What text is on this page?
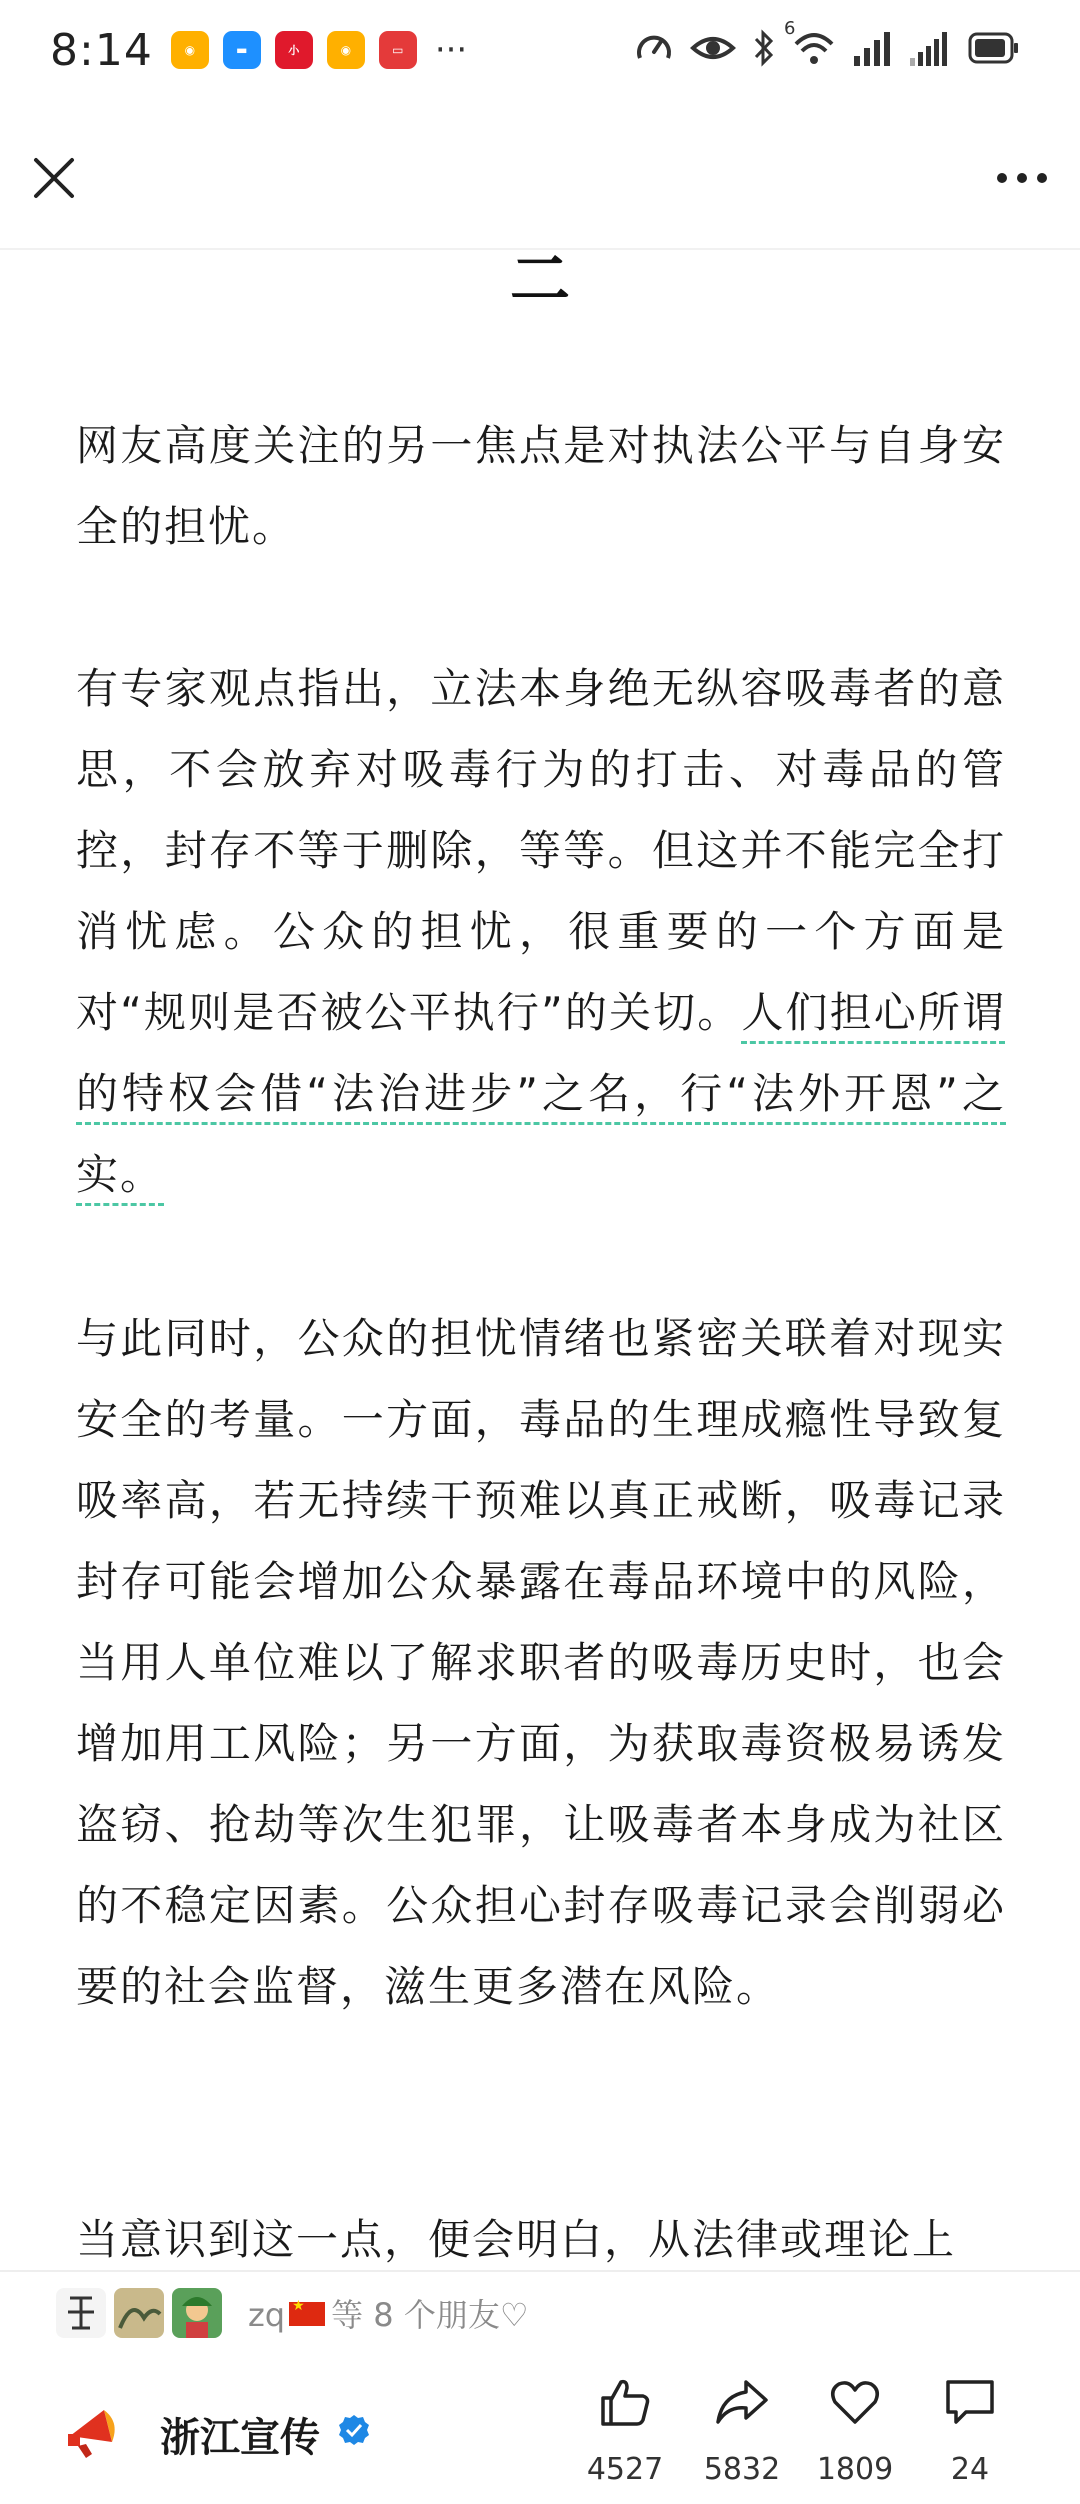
8:14	◉	▬	小	◉	▭ ···
6
二

网友高度关注的另一焦点是对执法公平与自身安全的担忧。

有专家观点指出，立法本身绝无纵容吸毒者的意思，不会放弃对吸毒行为的打击、对毒品的管控，封存不等于删除，等等。但这并不能完全打消忧虑。公众的担忧，很重要的一个方面是对“规则是否被公平执行”的关切。人们担心所谓的特权会借“法治进步”之名，行“法外开恩”之实。

与此同时，公众的担忧情绪也紧密关联着对现实安全的考量。一方面，毒品的生理成瘾性导致复吸率高，若无持续干预难以真正戒断，吸毒记录封存可能会增加公众暴露在毒品环境中的风险，当用人单位难以了解求职者的吸毒历史时，也会增加用工风险；另一方面，为获取毒资极易诱发盗窃、抢劫等次生犯罪，让吸毒者本身成为社区的不稳定因素。公众担心封存吸毒记录会削弱必要的社会监督，滋生更多潜在风险。

当意识到这一点，便会明白，从法律或理论上

zq★ 等 8 个朋友♡
浙江宣传
4527	5832	1809	24
